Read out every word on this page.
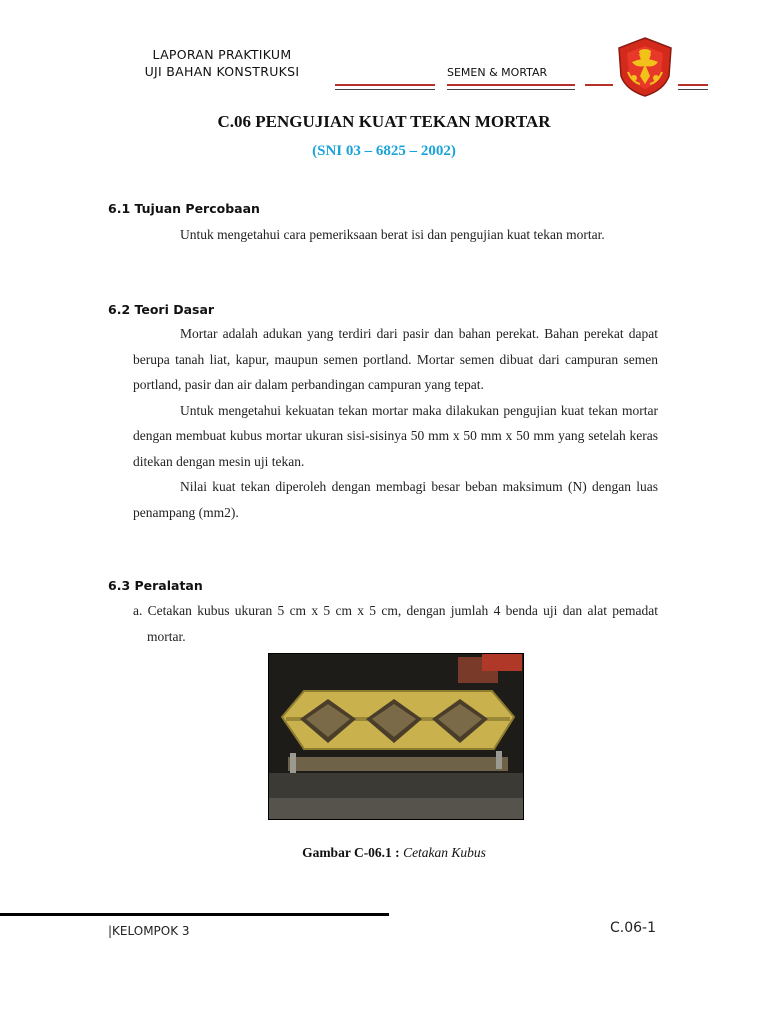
LAPORAN PRAKTIKUM
UJI BAHAN KONSTRUKSI	SEMEN & MORTAR
C.06 PENGUJIAN KUAT TEKAN MORTAR
(SNI 03 – 6825 – 2002)
6.1 Tujuan Percobaan
Untuk mengetahui cara pemeriksaan berat isi dan pengujian kuat tekan mortar.
6.2 Teori Dasar
Mortar adalah adukan yang terdiri dari pasir dan bahan perekat. Bahan perekat dapat berupa tanah liat, kapur, maupun semen portland. Mortar semen dibuat dari campuran semen portland, pasir dan air dalam perbandingan campuran yang tepat.
Untuk mengetahui kekuatan tekan mortar maka dilakukan pengujian kuat tekan mortar dengan membuat kubus mortar ukuran sisi-sisinya 50 mm x 50 mm x 50 mm yang setelah keras ditekan dengan mesin uji tekan.
Nilai kuat tekan diperoleh dengan membagi besar beban maksimum (N) dengan luas penampang (mm2).
6.3 Peralatan
a. Cetakan kubus ukuran 5 cm x 5 cm x 5 cm, dengan jumlah 4 benda uji dan alat pemadat mortar.
Gambar C-06.1 : Cetakan Kubus
|KELOMPOK 3	C.06-1
